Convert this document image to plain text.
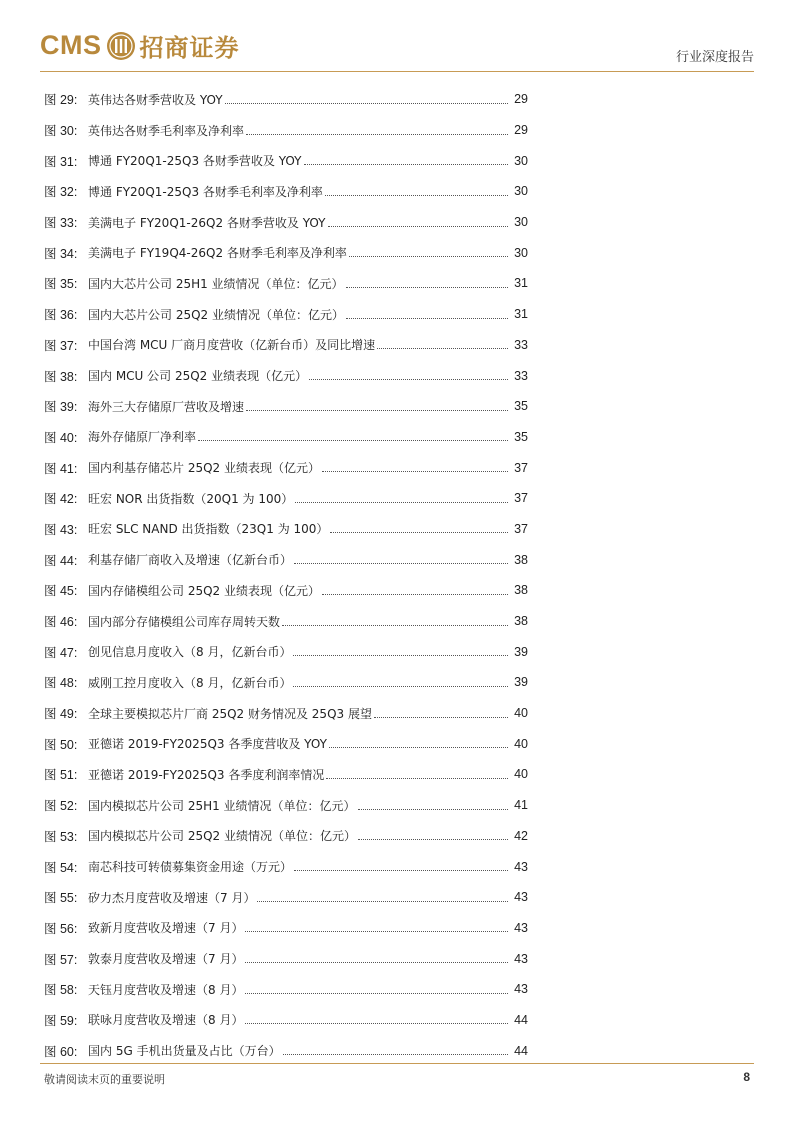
CMS 招商证券	行业深度报告
图 29: 英伟达各财季营收及 YOY	29
图 30: 英伟达各财季毛利率及净利率	29
图 31: 博通 FY20Q1-25Q3 各财季营收及 YOY	30
图 32: 博通 FY20Q1-25Q3 各财季毛利率及净利率	30
图 33: 美满电子 FY20Q1-26Q2 各财季营收及 YOY	30
图 34: 美满电子 FY19Q4-26Q2 各财季毛利率及净利率	30
图 35: 国内大芯片公司 25H1 业绩情况（单位：亿元）	31
图 36: 国内大芯片公司 25Q2 业绩情况（单位：亿元）	31
图 37: 中国台湾 MCU 厂商月度营收（亿新台币）及同比增速	33
图 38: 国内 MCU 公司 25Q2 业绩表现（亿元）	33
图 39: 海外三大存储原厂营收及增速	35
图 40: 海外存储原厂净利率	35
图 41: 国内利基存储芯片 25Q2 业绩表现（亿元）	37
图 42: 旺宏 NOR 出货指数（20Q1 为 100）	37
图 43: 旺宏 SLC NAND 出货指数（23Q1 为 100）	37
图 44: 利基存储厂商收入及增速（亿新台币）	38
图 45: 国内存储模组公司 25Q2 业绩表现（亿元）	38
图 46: 国内部分存储模组公司库存周转天数	38
图 47: 创见信息月度收入（8 月，亿新台币）	39
图 48: 威刚工控月度收入（8 月，亿新台币）	39
图 49: 全球主要模拟芯片厂商 25Q2 财务情况及 25Q3 展望	40
图 50: 亚德诺 2019-FY2025Q3 各季度营收及 YOY	40
图 51: 亚德诺 2019-FY2025Q3 各季度利润率情况	40
图 52: 国内模拟芯片公司 25H1 业绩情况（单位：亿元）	41
图 53: 国内模拟芯片公司 25Q2 业绩情况（单位：亿元）	42
图 54: 南芯科技可转债募集资金用途（万元）	43
图 55: 矽力杰月度营收及增速（7 月）	43
图 56: 致新月度营收及增速（7 月）	43
图 57: 敦泰月度营收及增速（7 月）	43
图 58: 天钰月度营收及增速（8 月）	43
图 59: 联咏月度营收及增速（8 月）	44
图 60: 国内 5G 手机出货量及占比（万台）	44
敬请阅读末页的重要说明	8
